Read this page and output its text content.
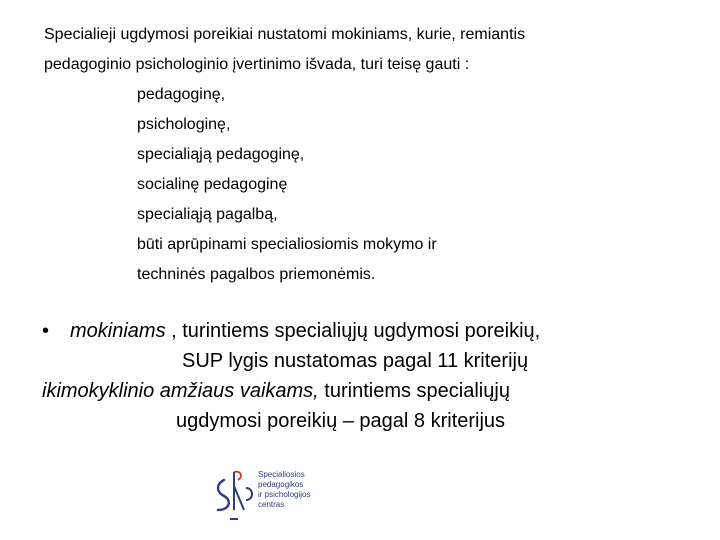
Specialieji ugdymosi poreikiai nustatomi mokiniams, kurie, remiantis
pedagoginio psichologinio įvertinimo išvada, turi teisę gauti :
pedagoginę,
psichologinę,
specialiąją pedagoginę,
socialinę pedagoginę
specialiąją pagalbą,
būti aprūpinami specialiosiomis mokymo ir
techninės pagalbos priemonėmis.
• mokiniams , turintiems specialiųjų ugdymosi poreikių,
SUP lygis nustatomas pagal 11 kriterijų
ikimokyklinio amžiaus vaikams, turintiems specialiųjų
ugdymosi poreikių – pagal 8 kriterijus
Specialiosios
pedagogikos
ir psichologijos
centras
